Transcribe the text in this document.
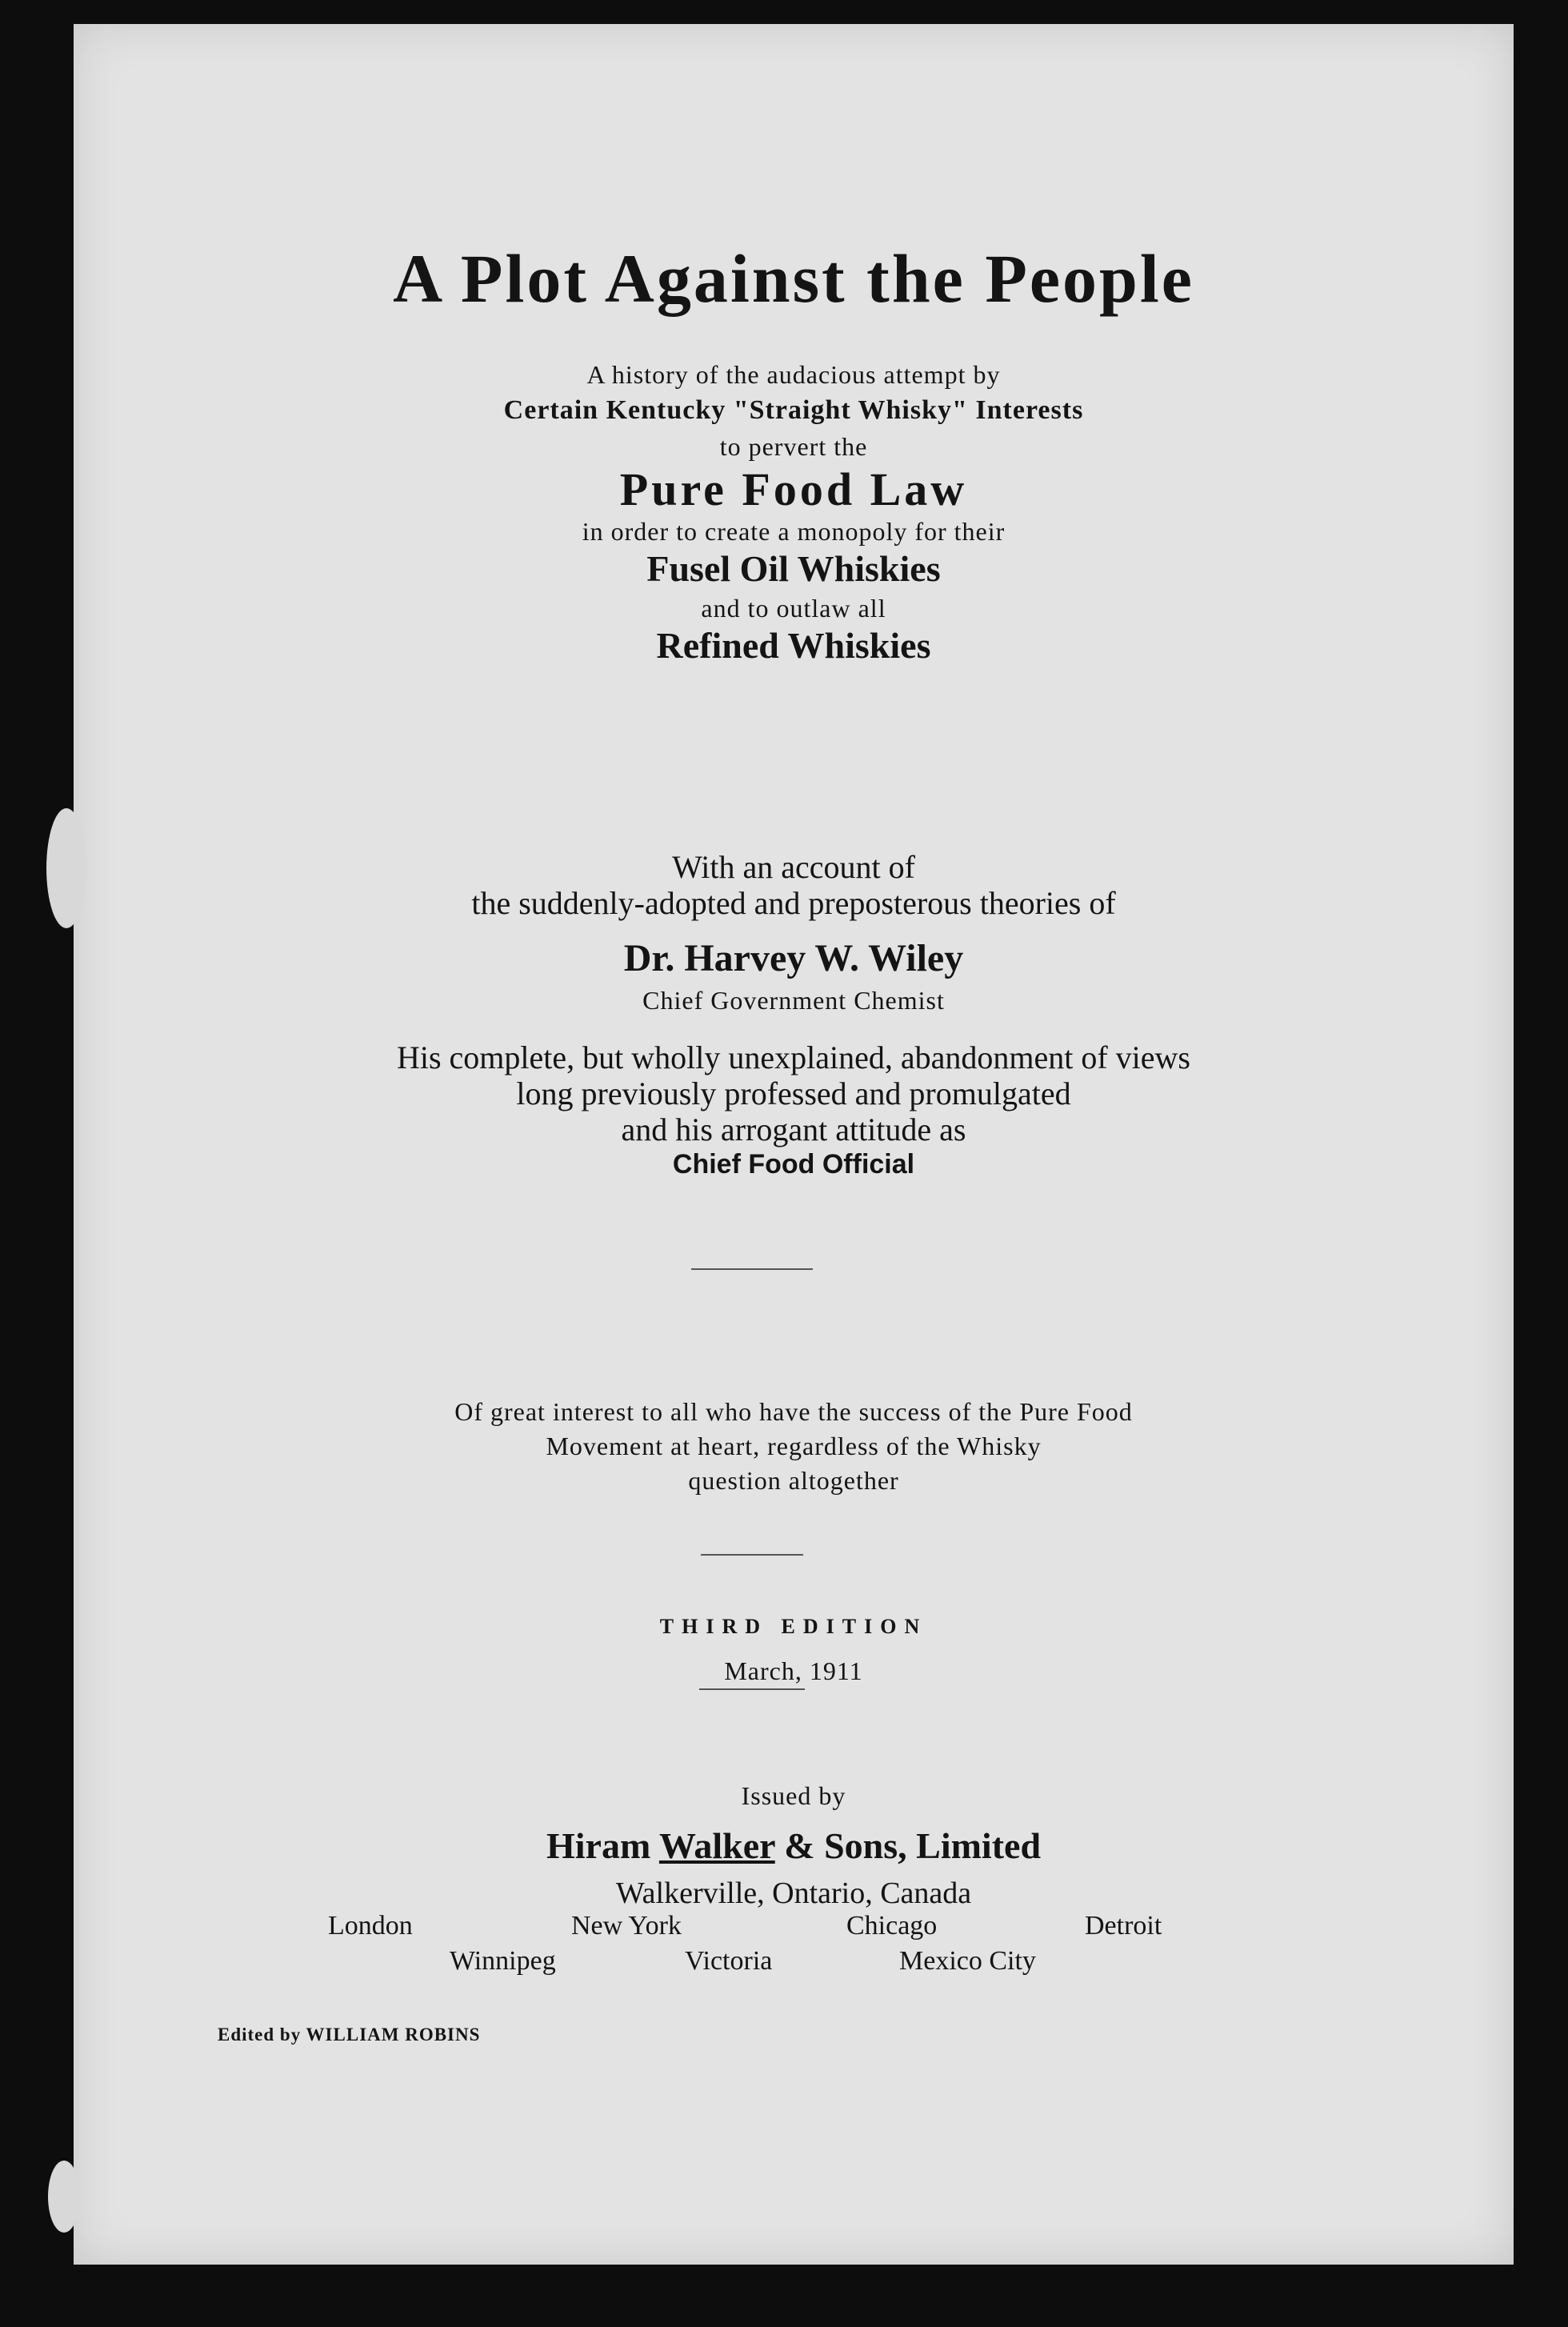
A Plot Against the People
A history of the audacious attempt by
Certain Kentucky "Straight Whisky" Interests
to pervert the
Pure Food Law
in order to create a monopoly for their
Fusel Oil Whiskies
and to outlaw all
Refined Whiskies
With an account of
the suddenly-adopted and preposterous theories of
Dr. Harvey W. Wiley
Chief Government Chemist
His complete, but wholly unexplained, abandonment of views
long previously professed and promulgated
and his arrogant attitude as
Chief Food Official
Of great interest to all who have the success of the Pure Food
Movement at heart, regardless of the Whisky
question altogether
THIRD EDITION
March, 1911
Issued by
Hiram Walker & Sons, Limited
Walkerville, Ontario, Canada
London	New York	Chicago	Detroit
Winnipeg	Victoria	Mexico City
Edited by WILLIAM ROBINS
